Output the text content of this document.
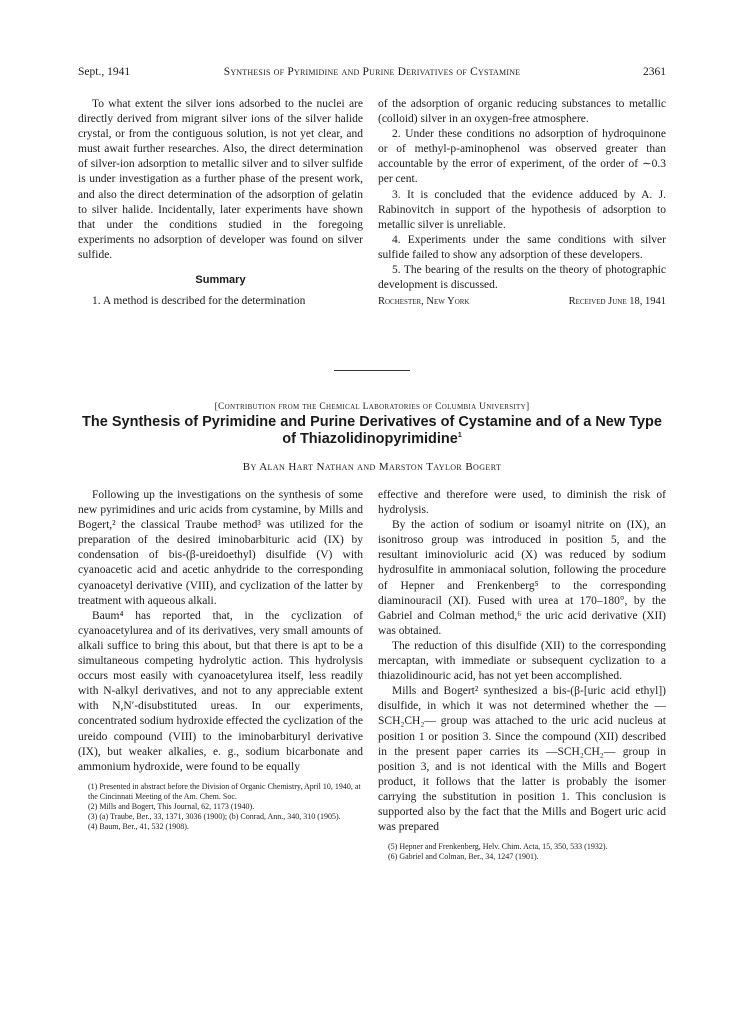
Sept., 1941	Synthesis of Pyrimidine and Purine Derivatives of Cystamine	2361

To what extent the silver ions adsorbed to the nuclei are directly derived from migrant silver ions of the silver halide crystal, or from the contiguous solution, is not yet clear, and must await further researches. Also, the direct determination of silver-ion adsorption to metallic silver and to silver sulfide is under investigation as a further phase of the present work, and also the direct determination of the adsorption of gelatin to silver halide. Incidentally, later experiments have shown that under the conditions studied in the foregoing experiments no adsorption of developer was found on silver sulfide.

Summary

1. A method is described for the determination

of the adsorption of organic reducing substances to metallic (colloid) silver in an oxygen-free atmosphere.

2. Under these conditions no adsorption of hydroquinone or of methyl-p-aminophenol was observed greater than accountable by the error of experiment, of the order of ∼0.3 per cent.

3. It is concluded that the evidence adduced by A. J. Rabinovitch in support of the hypothesis of adsorption to metallic silver is unreliable.

4. Experiments under the same conditions with silver sulfide failed to show any adsorption of these developers.

5. The bearing of the results on the theory of photographic development is discussed.

Rochester, New York	Received June 18, 1941
[Contribution from the Chemical Laboratories of Columbia University]
The Synthesis of Pyrimidine and Purine Derivatives of Cystamine and of a New Type
of Thiazolidinopyrimidine$^1$
By Alan Hart Nathan and Marston Taylor Bogert

Following up the investigations on the synthesis of some new pyrimidines and uric acids from cystamine, by Mills and Bogert,² the classical Traube method³ was utilized for the preparation of the desired iminobarbituric acid (IX) by condensation of bis-(β-ureidoethyl) disulfide (V) with cyanoacetic acid and acetic anhydride to the corresponding cyanoacetyl derivative (VIII), and cyclization of the latter by treatment with aqueous alkali.

Baum⁴ has reported that, in the cyclization of cyanoacetylurea and of its derivatives, very small amounts of alkali suffice to bring this about, but that there is apt to be a simultaneous competing hydrolytic action. This hydrolysis occurs most easily with cyanoacetylurea itself, less readily with N-alkyl derivatives, and not to any appreciable extent with N,N′-disubstituted ureas. In our experiments, concentrated sodium hydroxide effected the cyclization of the ureido compound (VIII) to the iminobarbituryl derivative (IX), but weaker alkalies, e. g., sodium bicarbonate and ammonium hydroxide, were found to be equally

(1) Presented in abstract before the Division of Organic Chemistry, April 10, 1940, at the Cincinnati Meeting of the Am. Chem. Soc.
(2) Mills and Bogert, This Journal, 62, 1173 (1940).
(3) (a) Traube, Ber., 33, 1371, 3036 (1900); (b) Conrad, Ann., 340, 310 (1905).
(4) Baum, Ber., 41, 532 (1908).

effective and therefore were used, to diminish the risk of hydrolysis.

By the action of sodium or isoamyl nitrite on (IX), an isonitroso group was introduced in position 5, and the resultant iminovioluric acid (X) was reduced by sodium hydrosulfite in ammoniacal solution, following the procedure of Hepner and Frenkenberg⁵ to the corresponding diaminouracil (XI). Fused with urea at 170–180°, by the Gabriel and Colman method,⁶ the uric acid derivative (XII) was obtained.

The reduction of this disulfide (XII) to the corresponding mercaptan, with immediate or subsequent cyclization to a thiazolidinouric acid, has not yet been accomplished.

Mills and Bogert² synthesized a bis-(β-[uric acid ethyl]) disulfide, in which it was not determined whether the —SCH₂CH₂— group was attached to the uric acid nucleus at position 1 or position 3. Since the compound (XII) described in the present paper carries its —SCH₂CH₂— group in position 3, and is not identical with the Mills and Bogert product, it follows that the latter is probably the isomer carrying the substitution in position 1. This conclusion is supported also by the fact that the Mills and Bogert uric acid was prepared

(5) Hepner and Frenkenberg, Helv. Chim. Acta, 15, 350, 533 (1932).
(6) Gabriel and Colman, Ber., 34, 1247 (1901).
